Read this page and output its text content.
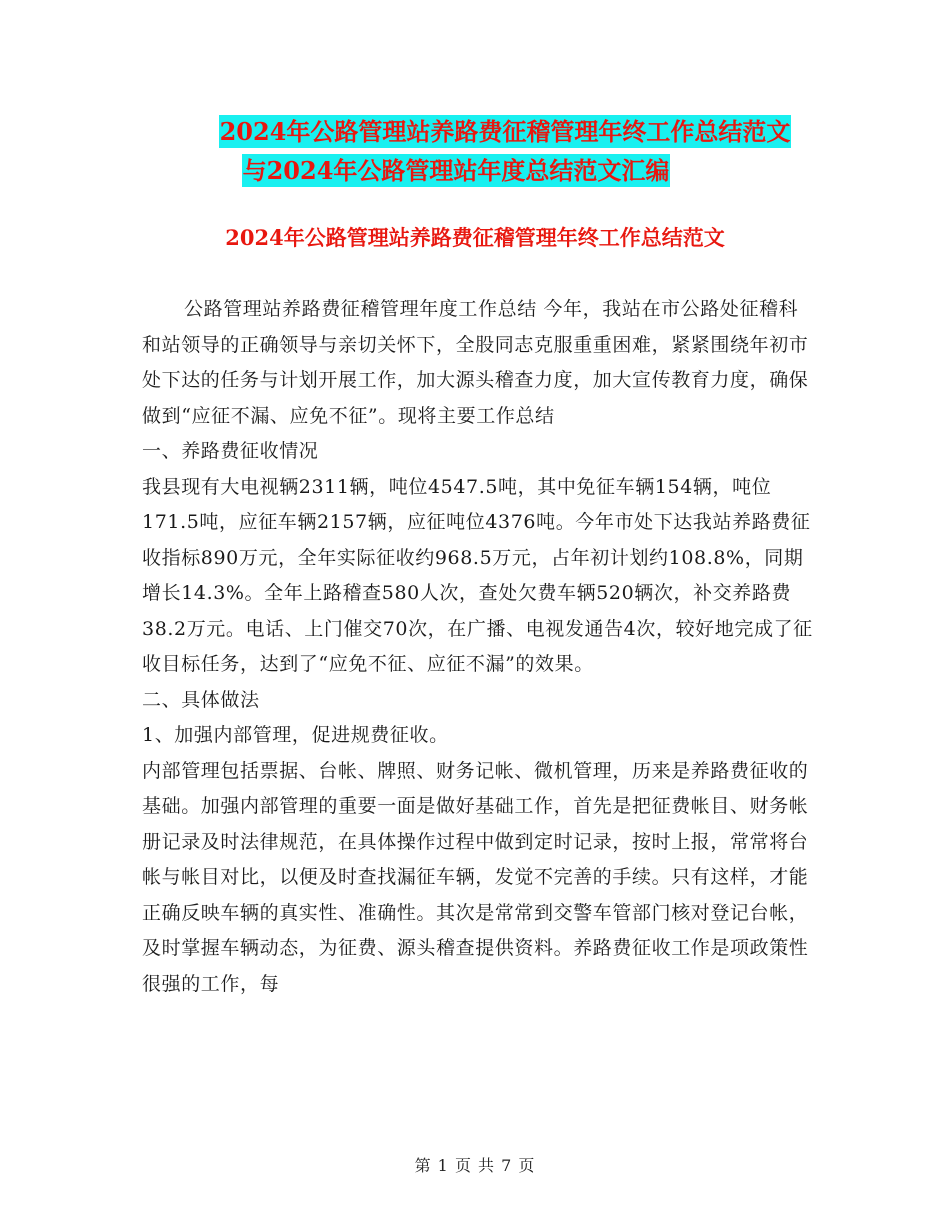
2024年公路管理站养路费征稽管理年终工作总结范文
与2024年公路管理站年度总结范文汇编
2024年公路管理站养路费征稽管理年终工作总结范文

公路管理站养路费征稽管理年度工作总结 今年，我站在市公路处征稽科和站领导的正确领导与亲切关怀下，全股同志克服重重困难，紧紧围绕年初市处下达的任务与计划开展工作，加大源头稽查力度，加大宣传教育力度，确保做到“应征不漏、应免不征”。现将主要工作总结

一、养路费征收情况

我县现有大电视辆2311辆，吨位4547.5吨，其中免征车辆154辆，吨位171.5吨，应征车辆2157辆，应征吨位4376吨。今年市处下达我站养路费征收指标890万元，全年实际征收约968.5万元，占年初计划约108.8%，同期增长14.3%。全年上路稽查580人次，查处欠费车辆520辆次，补交养路费38.2万元。电话、上门催交70次，在广播、电视发通告4次，较好地完成了征收目标任务，达到了“应免不征、应征不漏”的效果。

二、具体做法

1、加强内部管理，促进规费征收。

内部管理包括票据、台帐、牌照、财务记帐、微机管理，历来是养路费征收的基础。加强内部管理的重要一面是做好基础工作，首先是把征费帐目、财务帐册记录及时法律规范，在具体操作过程中做到定时记录，按时上报，常常将台帐与帐目对比，以便及时查找漏征车辆，发觉不完善的手续。只有这样，才能正确反映车辆的真实性、准确性。其次是常常到交警车管部门核对登记台帐，及时掌握车辆动态，为征费、源头稽查提供资料。养路费征收工作是项政策性很强的工作，每

第 1 页 共 7 页
